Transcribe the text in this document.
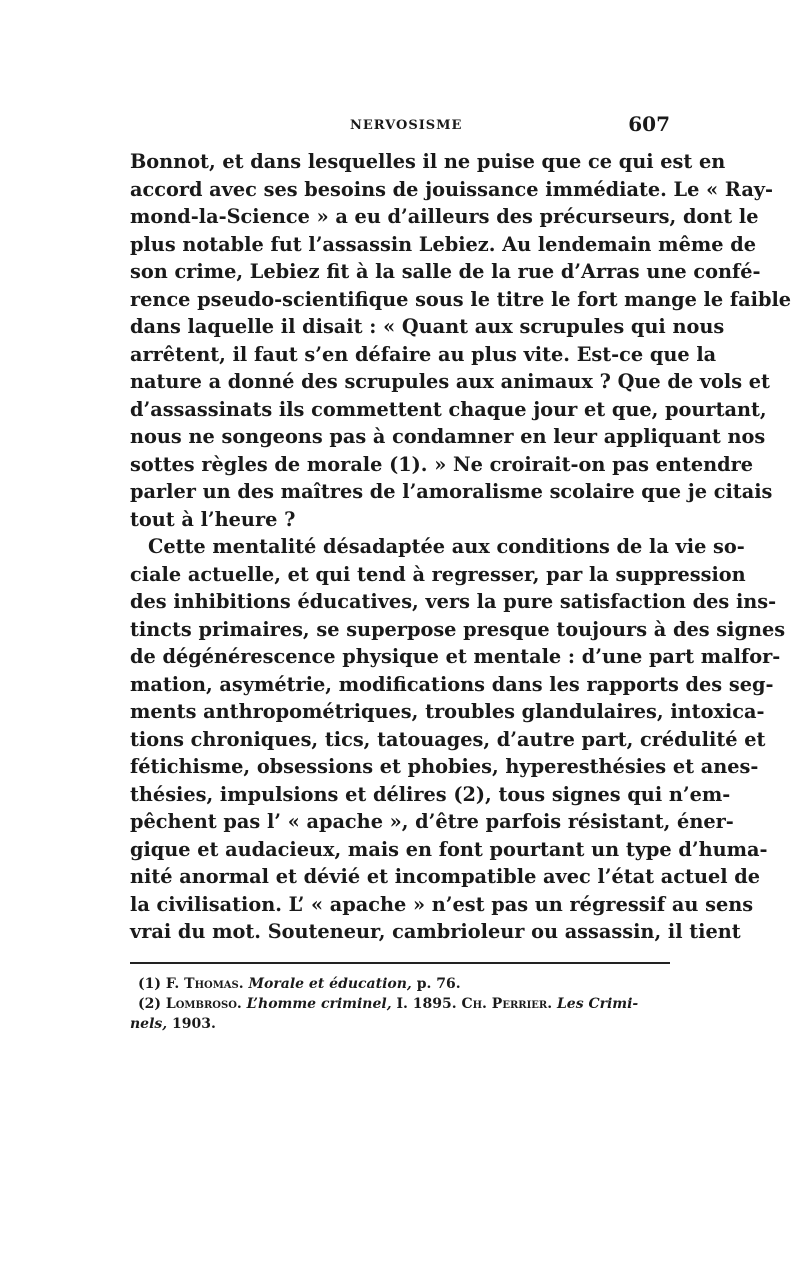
NERVOSISME	607
Bonnot, et dans lesquelles il ne puise que ce qui est en
accord avec ses besoins de jouissance immédiate. Le « Ray-
mond-la-Science » a eu d’ailleurs des précurseurs, dont le
plus notable fut l’assassin Lebiez. Au lendemain même de
son crime, Lebiez fit à la salle de la rue d’Arras une confé-
rence pseudo-scientifique sous le titre le fort mange le faible
dans laquelle il disait : « Quant aux scrupules qui nous
arrêtent, il faut s’en défaire au plus vite. Est-ce que la
nature a donné des scrupules aux animaux ? Que de vols et
d’assassinats ils commettent chaque jour et que, pourtant,
nous ne songeons pas à condamner en leur appliquant nos
sottes règles de morale (1). » Ne croirait-on pas entendre
parler un des maîtres de l’amoralisme scolaire que je citais
tout à l’heure ?
Cette mentalité désadaptée aux conditions de la vie so-
ciale actuelle, et qui tend à regresser, par la suppression
des inhibitions éducatives, vers la pure satisfaction des ins-
tincts primaires, se superpose presque toujours à des signes
de dégénérescence physique et mentale : d’une part malfor-
mation, asymétrie, modifications dans les rapports des seg-
ments anthropométriques, troubles glandulaires, intoxica-
tions chroniques, tics, tatouages, d’autre part, crédulité et
fétichisme, obsessions et phobies, hyperesthésies et anes-
thésies, impulsions et délires (2), tous signes qui n’em-
pêchent pas l’ « apache », d’être parfois résistant, éner-
gique et audacieux, mais en font pourtant un type d’huma-
nité anormal et dévié et incompatible avec l’état actuel de
la civilisation. L’ « apache » n’est pas un régressif au sens
vrai du mot. Souteneur, cambrioleur ou assassin, il tient
(1) F. Thomas. Morale et éducation, p. 76.
(2) Lombroso. L’homme criminel, I. 1895. Ch. Perrier. Les Crimi-
nels, 1903.
